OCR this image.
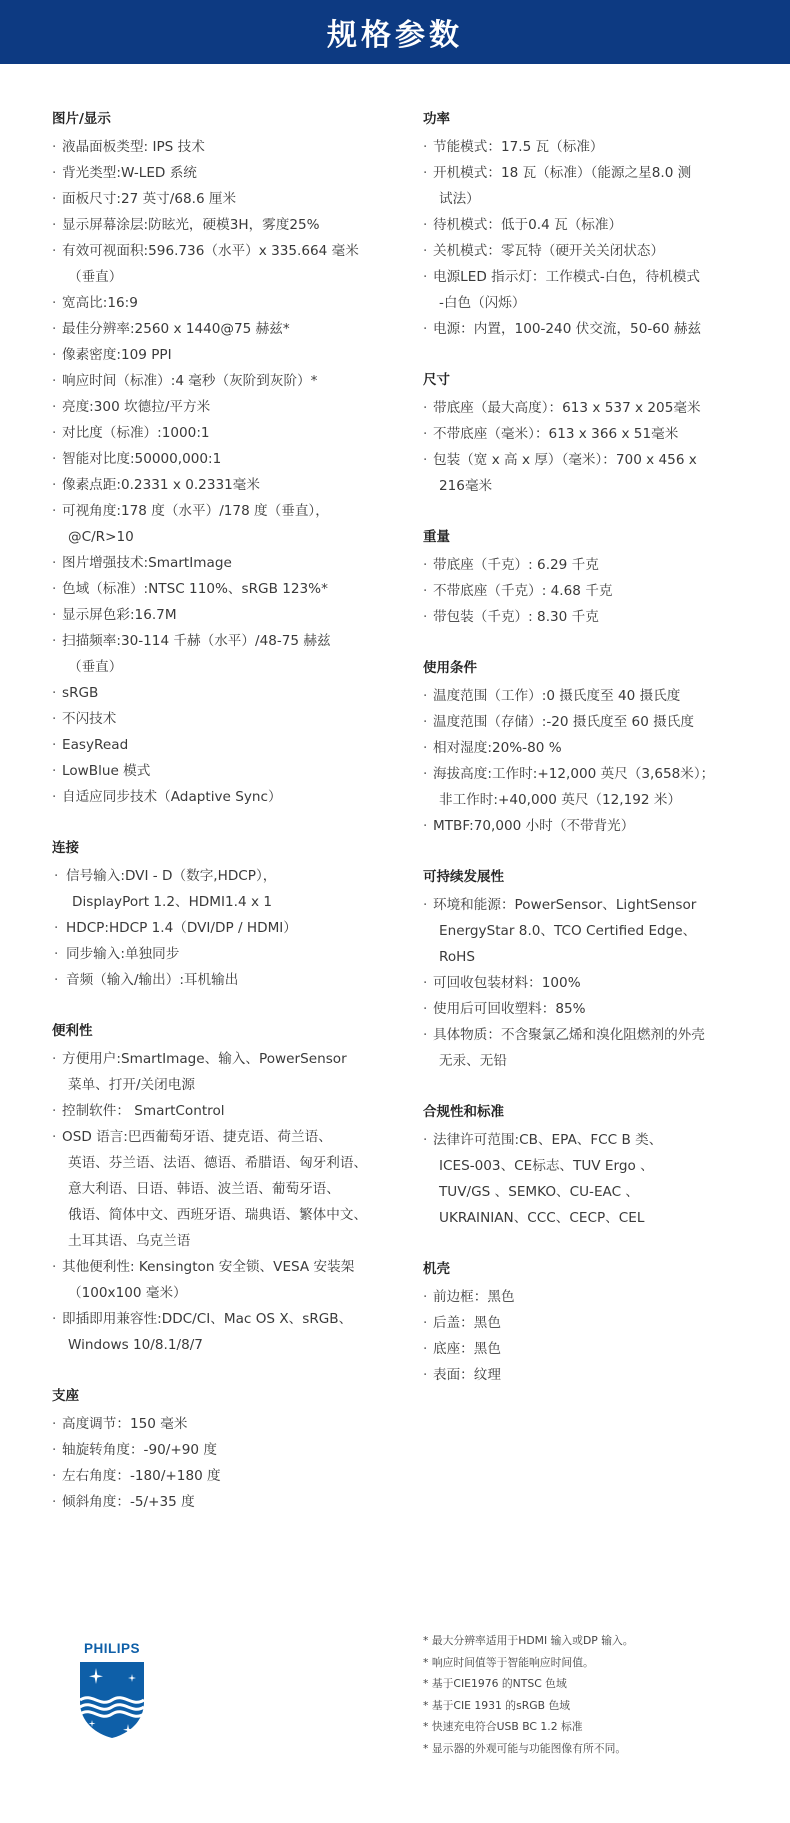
规格参数
图片/显示
· 液晶面板类型: IPS 技术
· 背光类型:W-LED 系统
· 面板尺寸:27 英寸/68.6 厘米
· 显示屏幕涂层:防眩光，硬模3H，雾度25%
· 有效可视面积:596.736（水平）x 335.664 毫米
（垂直）
· 宽高比:16:9
· 最佳分辨率:2560 x 1440@75 赫兹*
· 像素密度:109 PPI
· 响应时间（标准）:4 毫秒（灰阶到灰阶）*
· 亮度:300 坎德拉/平方米
· 对比度（标准）:1000:1
· 智能对比度:50000,000:1
· 像素点距:0.2331 x 0.2331毫米
· 可视角度:178 度（水平）/178 度（垂直），
@C/R>10
· 图片增强技术:SmartImage
· 色域（标准）:NTSC 110%、sRGB 123%*
· 显示屏色彩:16.7M
· 扫描频率:30-114 千赫（水平）/48-75 赫兹
（垂直）
· sRGB
· 不闪技术
· EasyRead
· LowBlue 模式
· 自适应同步技术（Adaptive Sync）
连接
· 信号输入:DVI - D（数字,HDCP），
DisplayPort 1.2、HDMI1.4 x 1
· HDCP:HDCP 1.4（DVI/DP / HDMI）
· 同步输入:单独同步
· 音频（输入/输出）:耳机输出
便利性
· 方便用户:SmartImage、输入、PowerSensor
菜单、打开/关闭电源
· 控制软件： SmartControl
· OSD 语言:巴西葡萄牙语、捷克语、荷兰语、
英语、芬兰语、法语、德语、希腊语、匈牙利语、
意大利语、日语、韩语、波兰语、葡萄牙语、
俄语、简体中文、西班牙语、瑞典语、繁体中文、
土耳其语、乌克兰语
· 其他便利性: Kensington 安全锁、VESA 安装架
（100x100 毫米）
· 即插即用兼容性:DDC/CI、Mac OS X、sRGB、
Windows 10/8.1/8/7
支座
· 高度调节：150 毫米
· 轴旋转角度：-90/+90 度
· 左右角度：-180/+180 度
· 倾斜角度：-5/+35 度
功率
· 节能模式：17.5 瓦（标准）
· 开机模式：18 瓦（标准）（能源之星8.0 测
试法）
· 待机模式：低于0.4 瓦（标准）
· 关机模式：零瓦特（硬开关关闭状态）
· 电源LED 指示灯：工作模式-白色，待机模式
-白色（闪烁）
· 电源：内置，100-240 伏交流，50-60 赫兹
尺寸
· 带底座（最大高度）：613 x 537 x 205毫米
· 不带底座（毫米）：613 x 366 x 51毫米
· 包装（宽 x 高 x 厚）（毫米）：700 x 456 x
216毫米
重量
· 带底座（千克）: 6.29 千克
· 不带底座（千克）: 4.68 千克
· 带包装（千克）: 8.30 千克
使用条件
· 温度范围（工作）:0 摄氏度至 40 摄氏度
· 温度范围（存储）:-20 摄氏度至 60 摄氏度
· 相对湿度:20%-80 %
· 海拔高度:工作时:+12,000 英尺（3,658米）；
非工作时:+40,000 英尺（12,192 米）
· MTBF:70,000 小时（不带背光）
可持续发展性
· 环境和能源：PowerSensor、LightSensor
EnergyStar 8.0、TCO Certified Edge、
RoHS
· 可回收包装材料：100%
· 使用后可回收塑料：85%
· 具体物质：不含聚氯乙烯和溴化阻燃剂的外壳
无汞、无铅
合规性和标准
· 法律许可范围:CB、EPA、FCC B 类、
ICES-003、CE标志、TUV Ergo 、
TUV/GS 、SEMKO、CU-EAC 、
UKRAINIAN、CCC、CECP、CEL
机壳
· 前边框：黑色
· 后盖：黑色
· 底座：黑色
· 表面：纹理
PHILIPS
* 最大分辨率适用于HDMI 输入或DP 输入。
* 响应时间值等于智能响应时间值。
* 基于CIE1976 的NTSC 色域
* 基于CIE 1931 的sRGB 色域
* 快速充电符合USB BC 1.2 标准
* 显示器的外观可能与功能图像有所不同。
